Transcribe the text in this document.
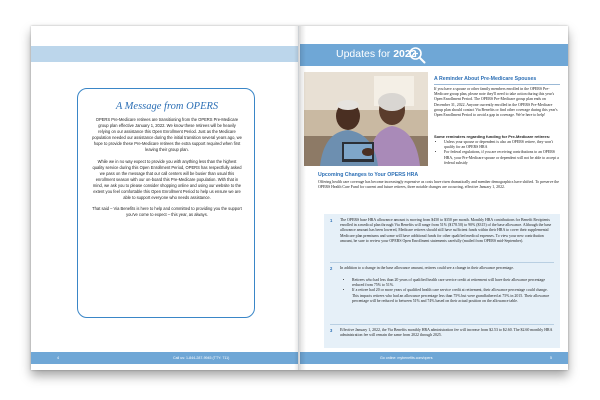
A Message from OPERS

OPERS Pre-Medicare retirees are transitioning from the OPERS Pre-Medicare group plan effective January 1, 2022. We know these retirees will be heavily relying on our assistance this Open Enrollment Period. Just as the Medicare population needed our assistance during the initial transition several years ago, we hope to provide these Pre-Medicare retirees the extra support required when first leaving their group plan.

While we in no way expect to provide you with anything less than the highest quality service during this Open Enrollment Period, OPERS has respectfully asked we pass on the message that our call centers will be busier than usual this enrollment season with our on-board this Pre-Medicare population. With that in mind, we ask you to please consider shopping online and using our website to the extent you feel comfortable this Open Enrollment Period to help us ensure we are able to support everyone who needs assistance.

That said – Via Benefits is here to help and committed to providing you the support you've come to expect – this year, as always.

4	Call us: 1-844-287-9945 (TTY: 711)
Updates for 2022
A Reminder About Pre-Medicare Spouses
If you have a spouse or other family members enrolled in the OPERS Pre-Medicare group plan, please note they'll need to take action during this year's Open Enrollment Period. The OPERS Pre-Medicare group plan ends on December 31, 2022. Anyone currently enrolled in the OPERS Pre-Medicare group plan should contact Via Benefits or find other coverage during this year's Open Enrollment Period to avoid a gap in coverage. We're here to help!
Some reminders regarding funding for Pre-Medicare retirees:
• Unless your spouse or dependent is also an OPERS retiree, they won't qualify for an OPERS HRA
• For federal regulations, if you are receiving contributions to an OPERS HRA, your Pre-Medicare spouse or dependent will not be able to accept a federal subsidy
Upcoming Changes to Your OPERS HRA
Offering health care coverage has become increasingly expensive as costs have risen dramatically and member demographics have shifted. To preserve the OPERS Health Care Fund for current and future retirees, three notable changes are occurring, effective January 1, 2022.
1 The OPERS base HRA allowance amount is moving from $450 to $350 per month. Monthly HRA contributions for Benefit Recipients enrolled in a medical plan through Via Benefits will range from 51% ($178.50) to 90% ($315) of the base allowance. Although the base allowance amount has been lowered, Medicare retirees should still have sufficient funds within their HRA to cover their supplemental Medicare plan premiums and some will have additional funds for other qualified medical expenses. To view your new contribution amount, be sure to review your OPERS Open Enrollment statements carefully (mailed from OPERS mid-September).
2 In addition to a change in the base allowance amount, retirees could see a change in their allowance percentage.
• Retirees who had less than 20 years of qualified health care service credit at retirement will have their allowance percentage reduced from 75% to 51%.
• If a retiree had 20 or more years of qualified health care service credit at retirement, their allowance percentage could change. This impacts retirees who had an allowance percentage less than 75% but were grandfathered at 75% in 2015. Their allowance percentage will be reduced to between 51% and 74% based on their actual position on the allowance table.
3 Effective January 1, 2022, the Via Benefits monthly HRA administration fee will increase from $2.53 to $2.60. The $2.60 monthly HRA administration fee will remain the same from 2022 through 2025.
Go online: mybenefits.com/opers	5
